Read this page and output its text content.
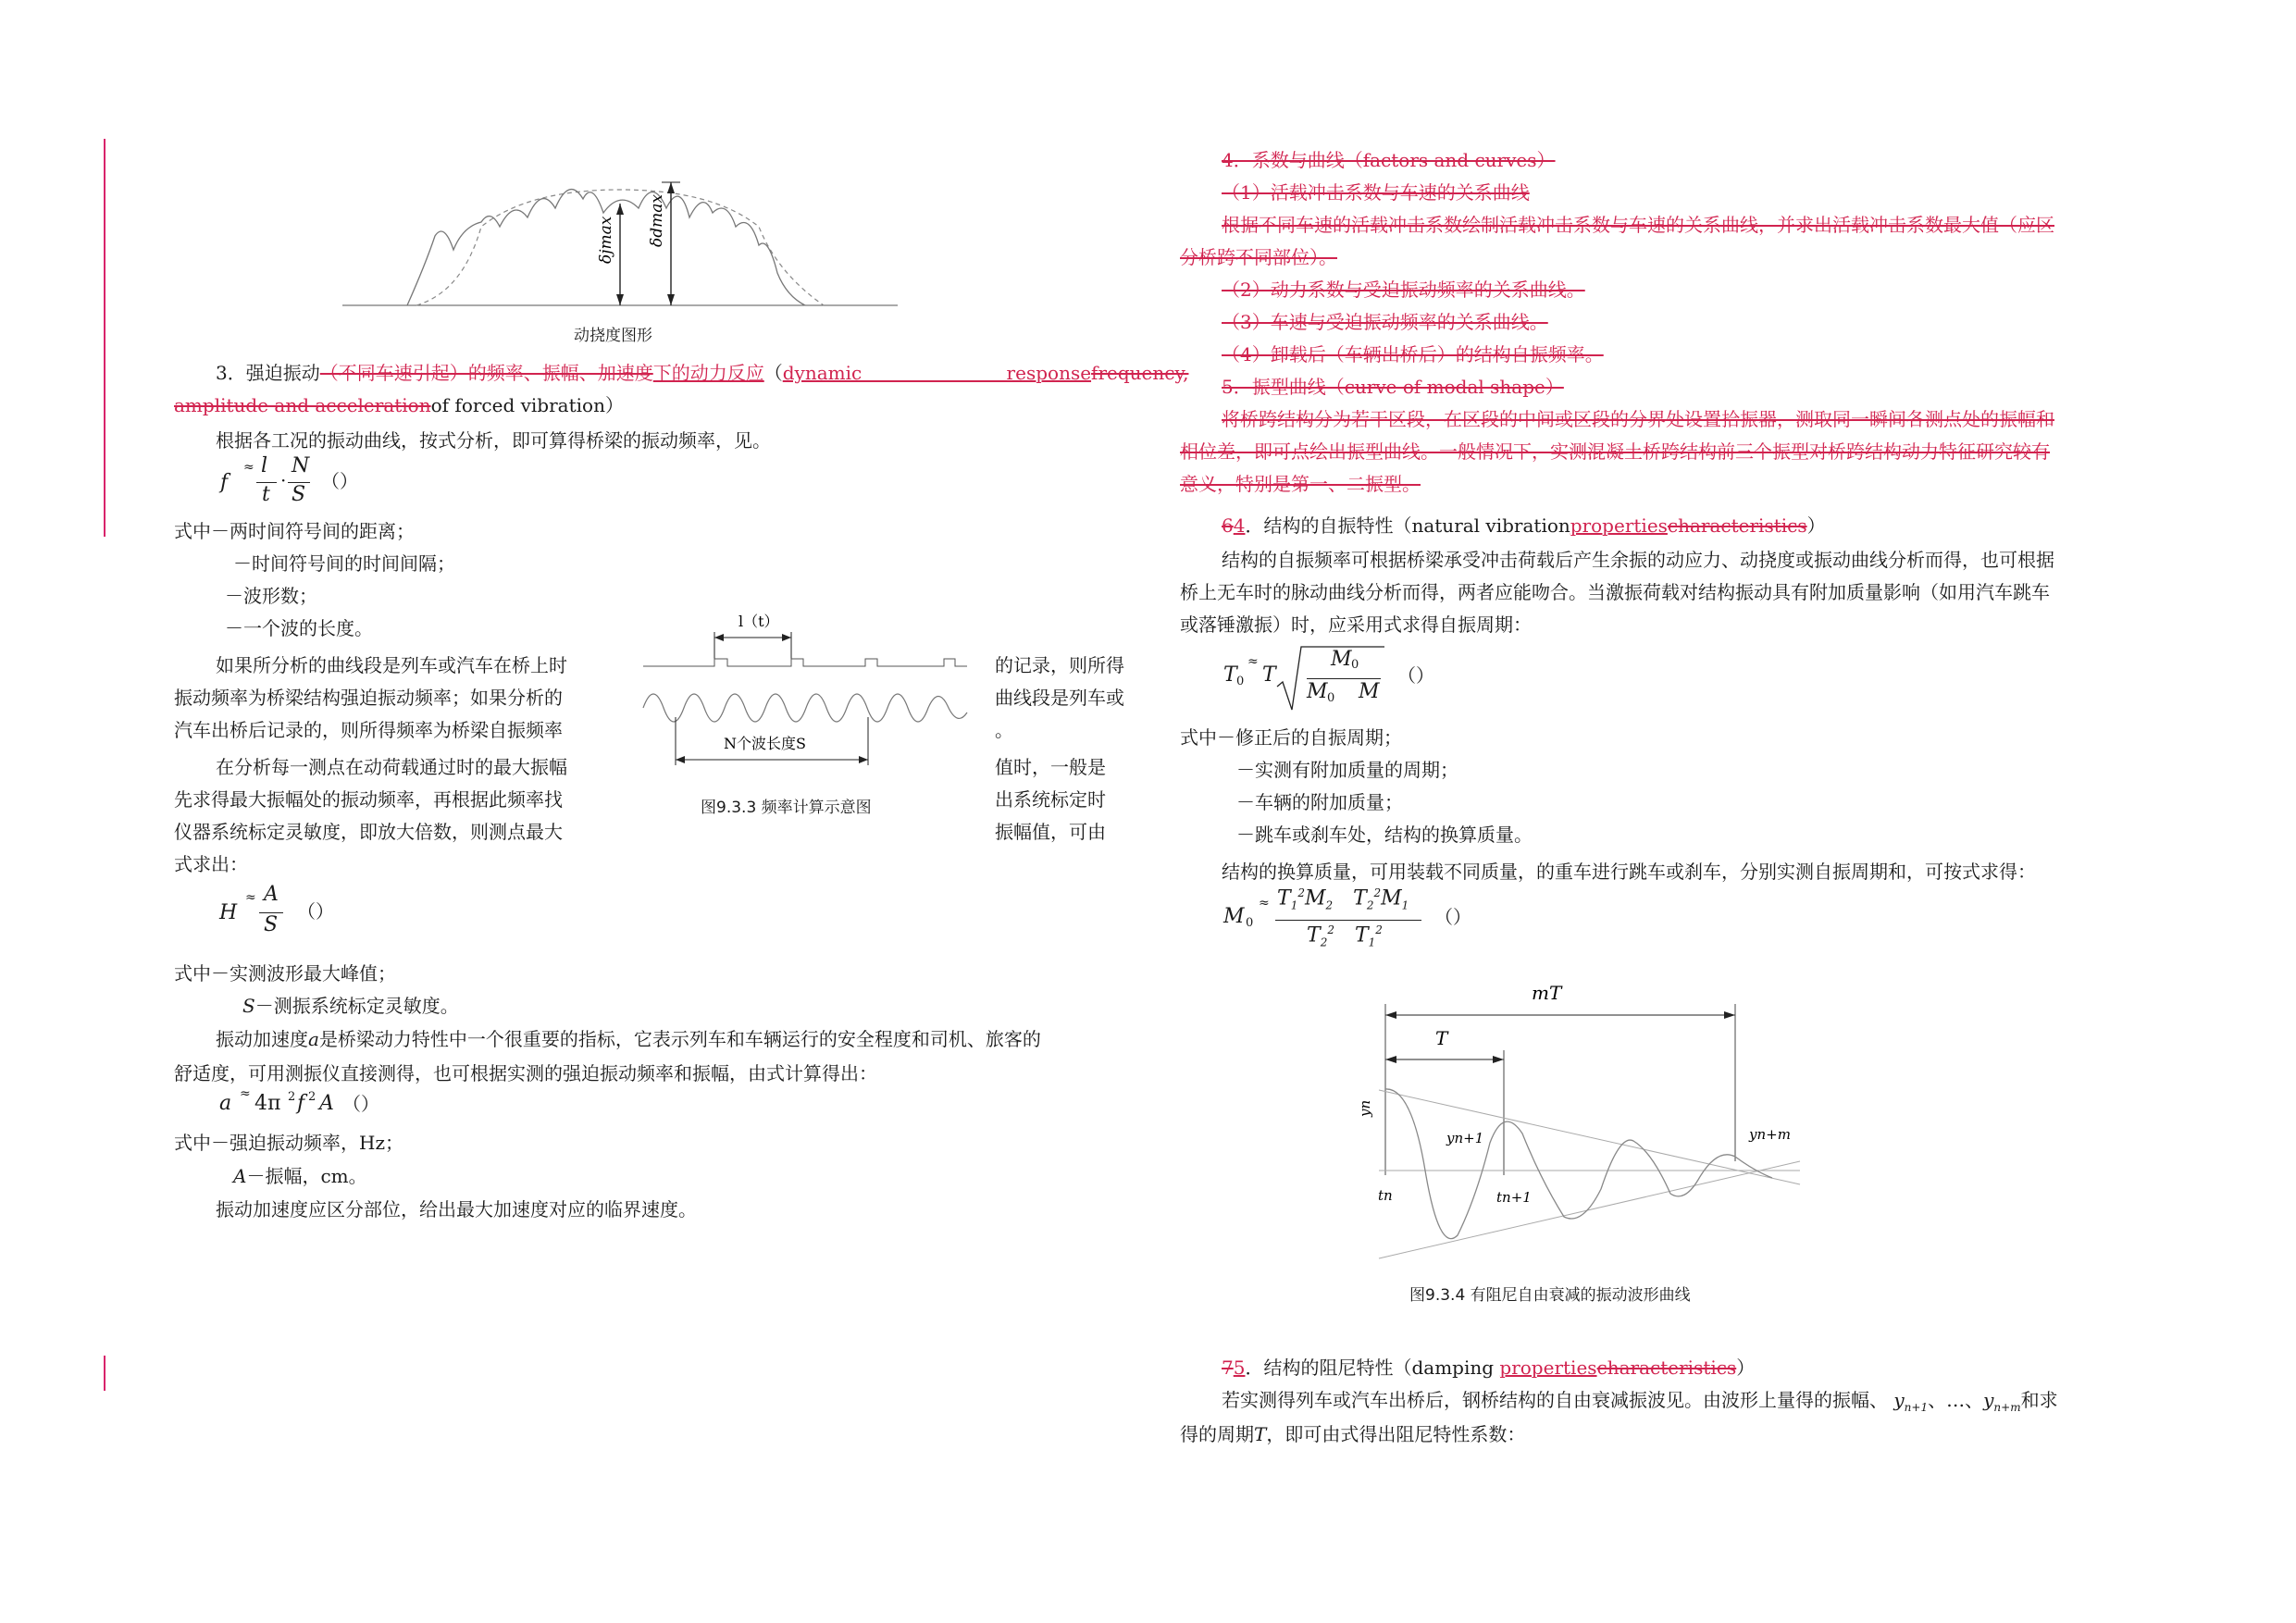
δjmax δdmax
动挠度图形
3．强迫振动（不同车速引起）的频率、振幅、加速度下的动力反应（dynamic responsefrequency,
amplitude and accelerationof forced vibration）
根据各工况的振动曲线，按式分析，即可算得桥梁的振动频率，见。
f
≈ l
t
·
N
S
（）
式中－两时间符号间的距离；
－时间符号间的时间间隔；
－波形数；
－一个波的长度。
如果所分析的曲线段是列车或汽车在桥上时
振动频率为桥梁结构强迫振动频率；如果分析的
汽车出桥后记录的，则所得频率为桥梁自振频率
的记录，则所得
曲线段是列车或
。
在分析每一测点在动荷载通过时的最大振幅
先求得最大振幅处的振动频率，再根据此频率找
仪器系统标定灵敏度，即放大倍数，则测点最大
式求出：
值时，一般是
出系统标定时
振幅值，可由
l（t）
N个波长度S
图9.3.3 频率计算示意图
H
≈ A
S
（）
式中－实测波形最大峰值；
S－测振系统标定灵敏度。
振动加速度a是桥梁动力特性中一个很重要的指标，它表示列车和车辆运行的安全程度和司机、旅客的
舒适度，可用测振仪直接测得，也可根据实测的强迫振动频率和振幅，由式计算得出：
a ≈ 4π 2 f 2 A （）
式中－强迫振动频率，Hz；
A－振幅，cm。
振动加速度应区分部位，给出最大加速度对应的临界速度。
4．系数与曲线（factors and curves）
（1）活载冲击系数与车速的关系曲线
根据不同车速的活载冲击系数绘制活载冲击系数与车速的关系曲线，并求出活载冲击系数最大值（应区
分桥跨不同部位）。
（2）动力系数与受迫振动频率的关系曲线。
（3）车速与受迫振动频率的关系曲线。
（4）卸载后（车辆出桥后）的结构自振频率。
5．振型曲线（curve of modal shape）
将桥跨结构分为若干区段，在区段的中间或区段的分界处设置拾振器，测取同一瞬间各测点处的振幅和
相位差，即可点绘出振型曲线。一般情况下，实测混凝土桥跨结构前三个振型对桥跨结构动力特征研究较有
意义，特别是第一、二振型。
64．结构的自振特性（natural vibrationpropertiescharacteristics）
结构的自振频率可根据桥梁承受冲击荷载后产生余振的动应力、动挠度或振动曲线分析而得，也可根据
桥上无车时的脉动曲线分析而得，两者应能吻合。当激振荷载对结构振动具有附加质量影响（如用汽车跳车
或落锤激振）时，应采用式求得自振周期：
T 0
≈
T
M 0
M 0 M
（）
式中－修正后的自振周期；
－实测有附加质量的周期；
－车辆的附加质量；
－跳车或刹车处，结构的换算质量。
结构的换算质量，可用装载不同质量，的重车进行跳车或刹车，分别实测自振周期和，可按式求得：
M 0
≈ $T_1^2M_2$  $T_2^2M_1$
$T_2^2$  $T_1^2$
（）
mT
T
yn
yn+1	yn+m
tn	tn+1
图9.3.4 有阻尼自由衰减的振动波形曲线
75．结构的阻尼特性（damping propertiescharacteristics）
若实测得列车或汽车出桥后，钢桥结构的自由衰减振波见。由波形上量得的振幅、 $y_{n+1}$、…、$y_{n+m}$和求
得的周期T，即可由式得出阻尼特性系数：
